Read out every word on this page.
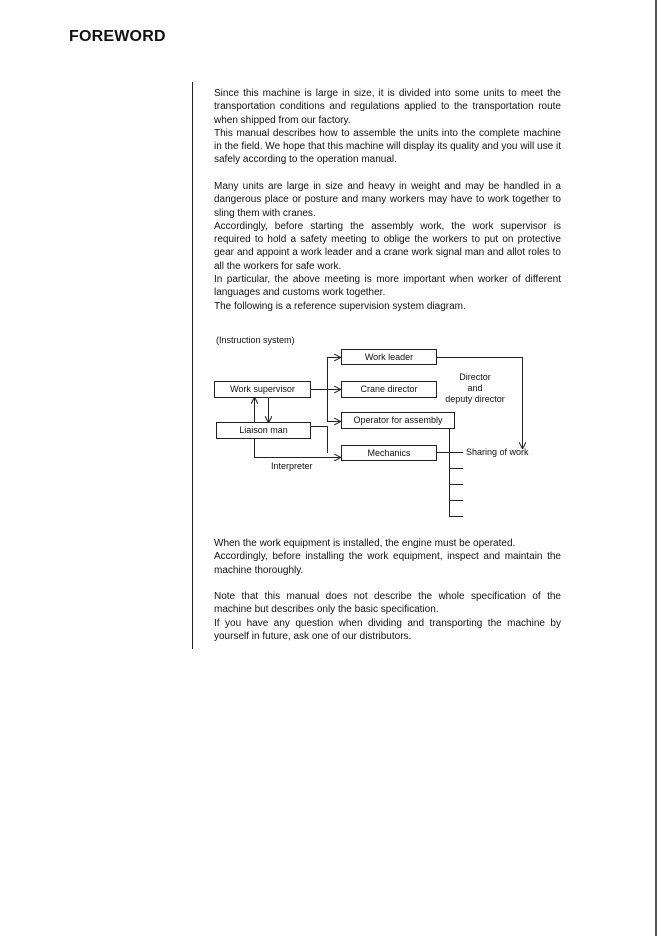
FOREWORD

Since this machine is large in size, it is divided into some units to meet the transportation conditions and regulations applied to the transportation route when shipped from our factory.

This manual describes how to assemble the units into the complete machine in the field. We hope that this machine will display its quality and you will use it safely according to the operation manual.

Many units are large in size and heavy in weight and may be handled in a dangerous place or posture and many workers may have to work together to sling them with cranes.

Accordingly, before starting the assembly work, the work supervisor is required to hold a safety meeting to oblige the workers to put on protective gear and appoint a work leader and a crane work signal man and allot roles to all the workers for safe work.

In particular, the above meeting is more important when worker of different languages and customs work together.

The following is a reference supervision system diagram.

(Instruction system)
Work supervisor
Liaison man
Work leader
Crane director
Operator for assembly
Mechanics
Director
and
deputy director
Sharing of work
Interpreter

When the work equipment is installed, the engine must be operated.

Accordingly, before installing the work equipment, inspect and maintain the machine thoroughly.

Note that this manual does not describe the whole specification of the machine but describes only the basic specification.

If you have any question when dividing and transporting the machine by yourself in future, ask one of our distributors.
